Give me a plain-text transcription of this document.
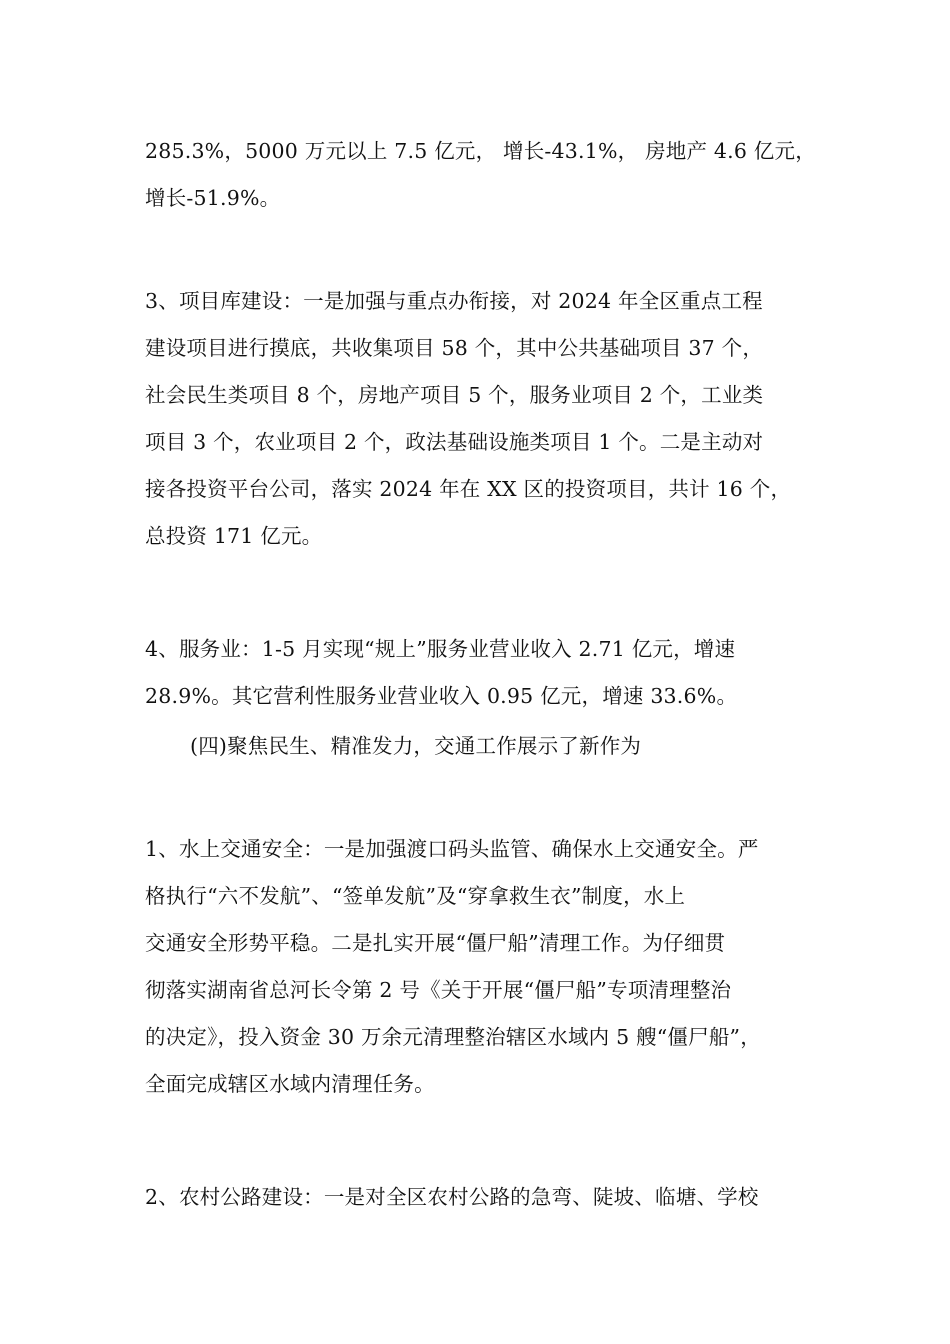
285.3%，5000 万元以上 7.5 亿元， 增长-43.1%， 房地产 4.6 亿元，
增长-51.9%。
3、项目库建设：一是加强与重点办衔接，对 2024 年全区重点工程
建设项目进行摸底，共收集项目 58 个，其中公共基础项目 37 个，
社会民生类项目 8 个，房地产项目 5 个，服务业项目 2 个，工业类
项目 3 个，农业项目 2 个，政法基础设施类项目 1 个。二是主动对
接各投资平台公司，落实 2024 年在 XX 区的投资项目，共计 16 个，
总投资 171 亿元。
4、服务业：1-5 月实现“规上”服务业营业收入 2.71 亿元，增速
28.9%。其它营利性服务业营业收入 0.95 亿元，增速 33.6%。
(四)聚焦民生、精准发力，交通工作展示了新作为
1、水上交通安全：一是加强渡口码头监管、确保水上交通安全。严
格执行“六不发航”、“签单发航”及“穿拿救生衣”制度，水上
交通安全形势平稳。二是扎实开展“僵尸船”清理工作。为仔细贯
彻落实湖南省总河长令第 2 号《关于开展“僵尸船”专项清理整治
的决定》，投入资金 30 万余元清理整治辖区水域内 5 艘“僵尸船”，
全面完成辖区水域内清理任务。
2、农村公路建设：一是对全区农村公路的急弯、陡坡、临塘、学校
